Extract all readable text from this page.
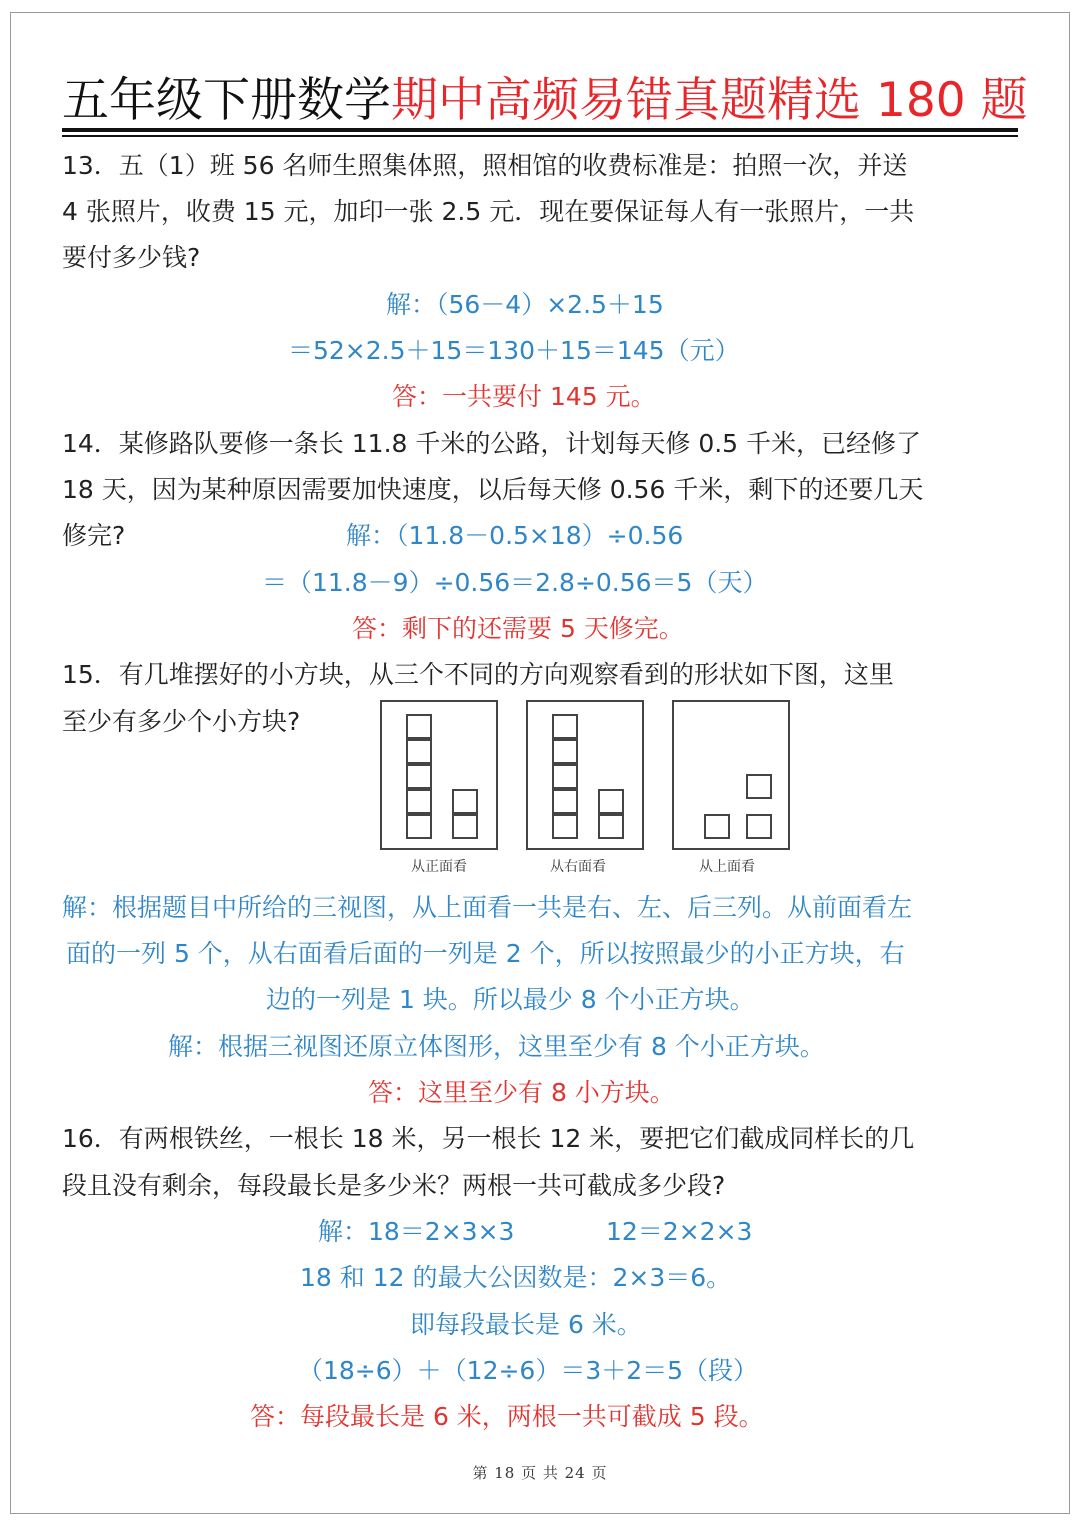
五年级下册数学期中高频易错真题精选 180 题
13．五（1）班 56 名师生照集体照，照相馆的收费标准是：拍照一次，并送
4 张照片，收费 15 元，加印一张 2.5 元．现在要保证每人有一张照片，一共
要付多少钱?
解：（56－4）×2.5＋15
＝52×2.5＋15＝130＋15＝145（元）
答：一共要付 145 元。
14．某修路队要修一条长 11.8 千米的公路，计划每天修 0.5 千米，已经修了
18 天，因为某种原因需要加快速度，以后每天修 0.56 千米，剩下的还要几天
修完?	解：（11.8－0.5×18）÷0.56
＝（11.8－9）÷0.56＝2.8÷0.56＝5（天）
答：剩下的还需要 5 天修完。
15．有几堆摆好的小方块，从三个不同的方向观察看到的形状如下图，这里
至少有多少个小方块?
从正面看	从右面看	从上面看
解：根据题目中所给的三视图，从上面看一共是右、左、后三列。从前面看左
面的一列 5 个，从右面看后面的一列是 2 个，所以按照最少的小正方块，右
边的一列是 1 块。所以最少 8 个小正方块。
解：根据三视图还原立体图形，这里至少有 8 个小正方块。
答：这里至少有 8 小方块。
16．有两根铁丝，一根长 18 米，另一根长 12 米，要把它们截成同样长的几
段且没有剩余，每段最长是多少米？两根一共可截成多少段?
解：18＝2×3×3	12＝2×2×3
18 和 12 的最大公因数是：2×3＝6。
即每段最长是 6 米。
（18÷6）＋（12÷6）＝3＋2＝5（段）
答：每段最长是 6 米，两根一共可截成 5 段。
第 18 页 共 24 页
